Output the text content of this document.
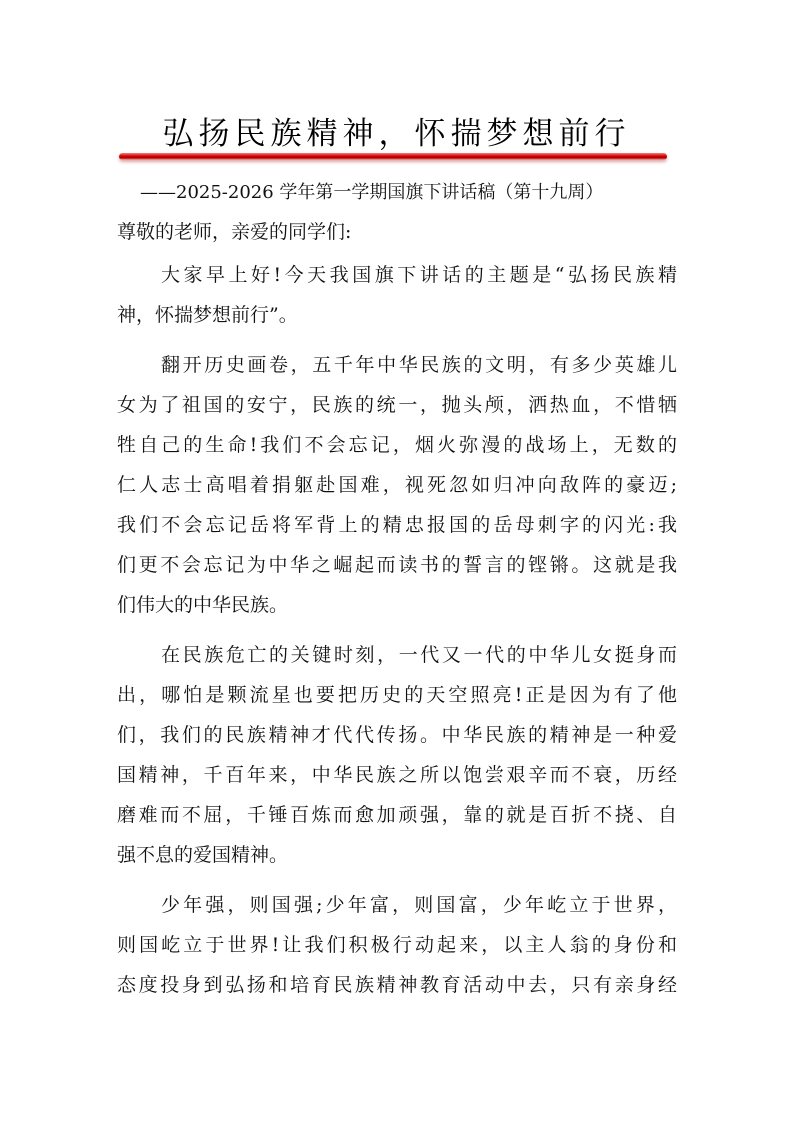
弘扬民族精神，怀揣梦想前行
——2025-2026 学年第一学期国旗下讲话稿（第十九周）
尊敬的老师，亲爱的同学们:
大家早上好!今天我国旗下讲话的主题是“弘扬民族精
神，怀揣梦想前行”。
翻开历史画卷，五千年中华民族的文明，有多少英雄儿
女为了祖国的安宁，民族的统一，抛头颅，洒热血，不惜牺
牲自己的生命!我们不会忘记，烟火弥漫的战场上，无数的
仁人志士高唱着捐躯赴国难，视死忽如归冲向敌阵的豪迈;
我们不会忘记岳将军背上的精忠报国的岳母刺字的闪光:我
们更不会忘记为中华之崛起而读书的誓言的铿锵。这就是我
们伟大的中华民族。
在民族危亡的关键时刻，一代又一代的中华儿女挺身而
出，哪怕是颗流星也要把历史的天空照亮!正是因为有了他
们，我们的民族精神才代代传扬。中华民族的精神是一种爱
国精神，千百年来，中华民族之所以饱尝艰辛而不衰，历经
磨难而不屈，千锤百炼而愈加顽强，靠的就是百折不挠、自
强不息的爱国精神。
少年强，则国强;少年富，则国富，少年屹立于世界，
则国屹立于世界!让我们积极行动起来，以主人翁的身份和
态度投身到弘扬和培育民族精神教育活动中去，只有亲身经
